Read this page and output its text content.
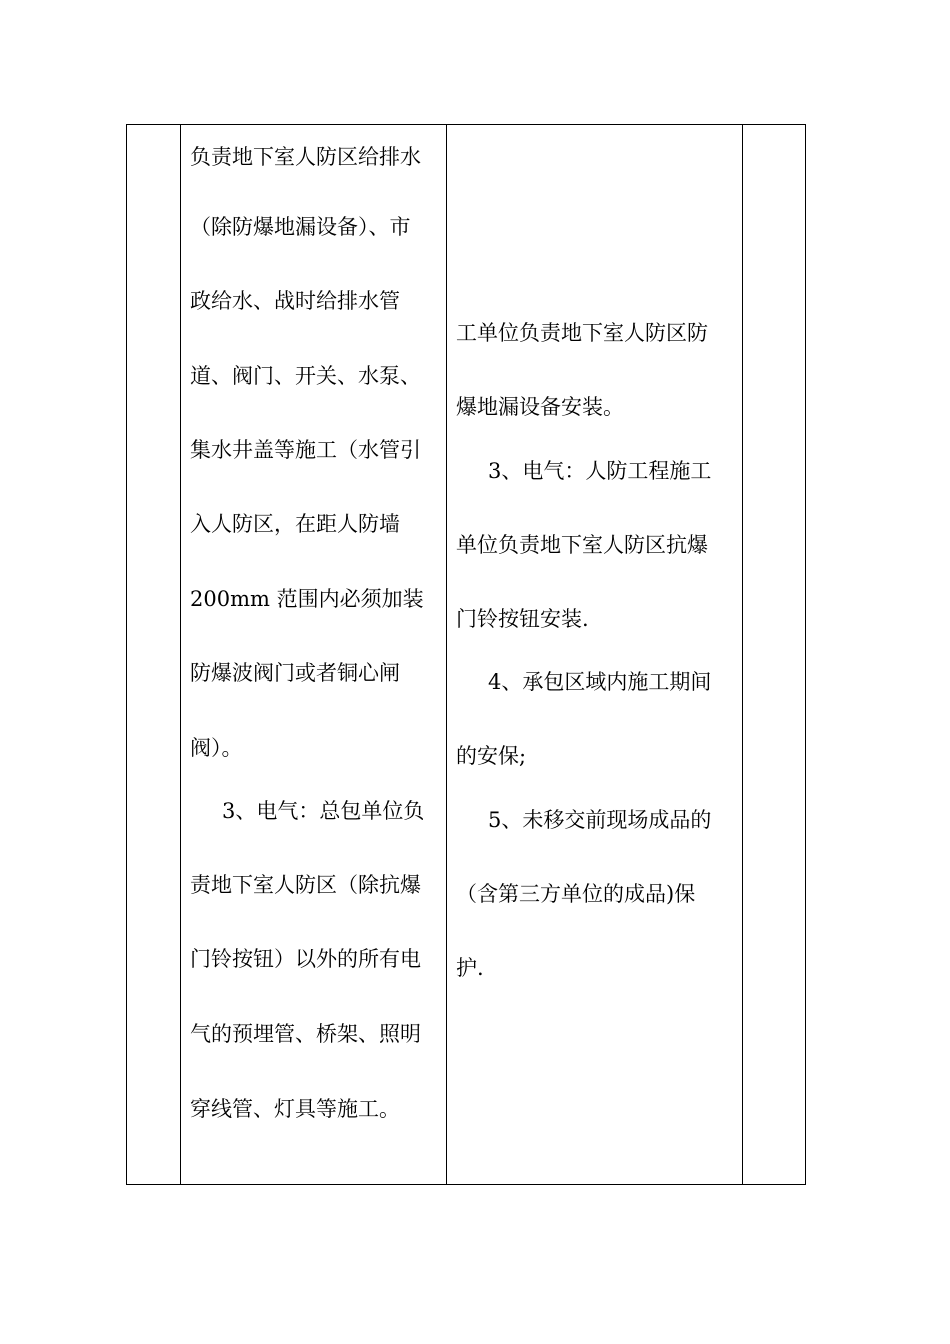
负责地下室人防区给排水
（除防爆地漏设备）、市
政给水、战时给排水管
道、阀门、开关、水泵、
集水井盖等施工（水管引
入人防区，在距人防墙
200mm 范围内必须加装
防爆波阀门或者铜心闸
阀）。
3、电气：总包单位负
责地下室人防区（除抗爆
门铃按钮）以外的所有电
气的预埋管、桥架、照明
穿线管、灯具等施工。
工单位负责地下室人防区防
爆地漏设备安装。
3、电气：人防工程施工
单位负责地下室人防区抗爆
门铃按钮安装.
4、承包区域内施工期间
的安保;
5、未移交前现场成品的
（含第三方单位的成品)保
护.
